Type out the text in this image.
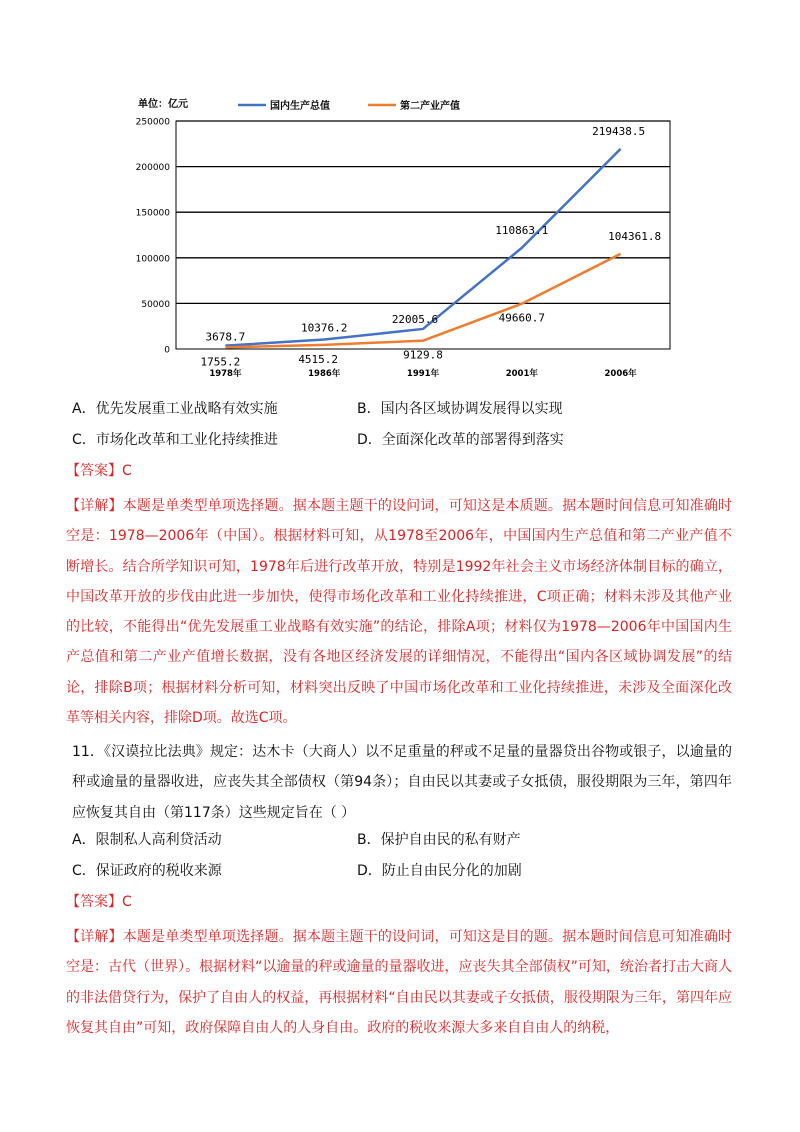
单位：亿元	国内生产总值	第二产业产值
0
50000
100000
150000
200000
250000
1978年	1986年	1991年	2001年	2006年
3678.7
10376.2
22005.6
110863.1
219438.5
1755.2	4515.2	9129.8
49660.7
104361.8
A．优先发展重工业战略有效实施	B．国内各区域协调发展得以实现
C．市场化改革和工业化持续推进	D．全面深化改革的部署得到落实
【答案】C
【详解】本题是单类型单项选择题。据本题主题干的设问词，可知这是本质题。据本题时间信息可知准确时空是：1978—2006年（中国）。根据材料可知，从1978至2006年，中国国内生产总值和第二产业产值不断增长。结合所学知识可知，1978年后进行改革开放，特别是1992年社会主义市场经济体制目标的确立，中国改革开放的步伐由此进一步加快，使得市场化改革和工业化持续推进，C项正确；材料未涉及其他产业的比较，不能得出“优先发展重工业战略有效实施”的结论，排除A项；材料仅为1978—2006年中国国内生产总值和第二产业产值增长数据，没有各地区经济发展的详细情况，不能得出“国内各区域协调发展”的结论，排除B项；根据材料分析可知，材料突出反映了中国市场化改革和工业化持续推进，未涉及全面深化改革等相关内容，排除D项。故选C项。
11．《汉谟拉比法典》规定：达木卡（大商人）以不足重量的秤或不足量的量器贷出谷物或银子，以逾量的秤或逾量的量器收进，应丧失其全部债权（第94条）；自由民以其妻或子女抵债，服役期限为三年，第四年应恢复其自由（第117条）这些规定旨在（ ）
A．限制私人高利贷活动	B．保护自由民的私有财产
C．保证政府的税收来源	D．防止自由民分化的加剧
【答案】C
【详解】本题是单类型单项选择题。据本题主题干的设问词，可知这是目的题。据本题时间信息可知准确时空是：古代（世界）。根据材料“以逾量的秤或逾量的量器收进，应丧失其全部债权”可知，统治者打击大商人的非法借贷行为，保护了自由人的权益，再根据材料“自由民以其妻或子女抵债，服役期限为三年，第四年应恢复其自由”可知，政府保障自由人的人身自由。政府的税收来源大多来自自由人的纳税，
